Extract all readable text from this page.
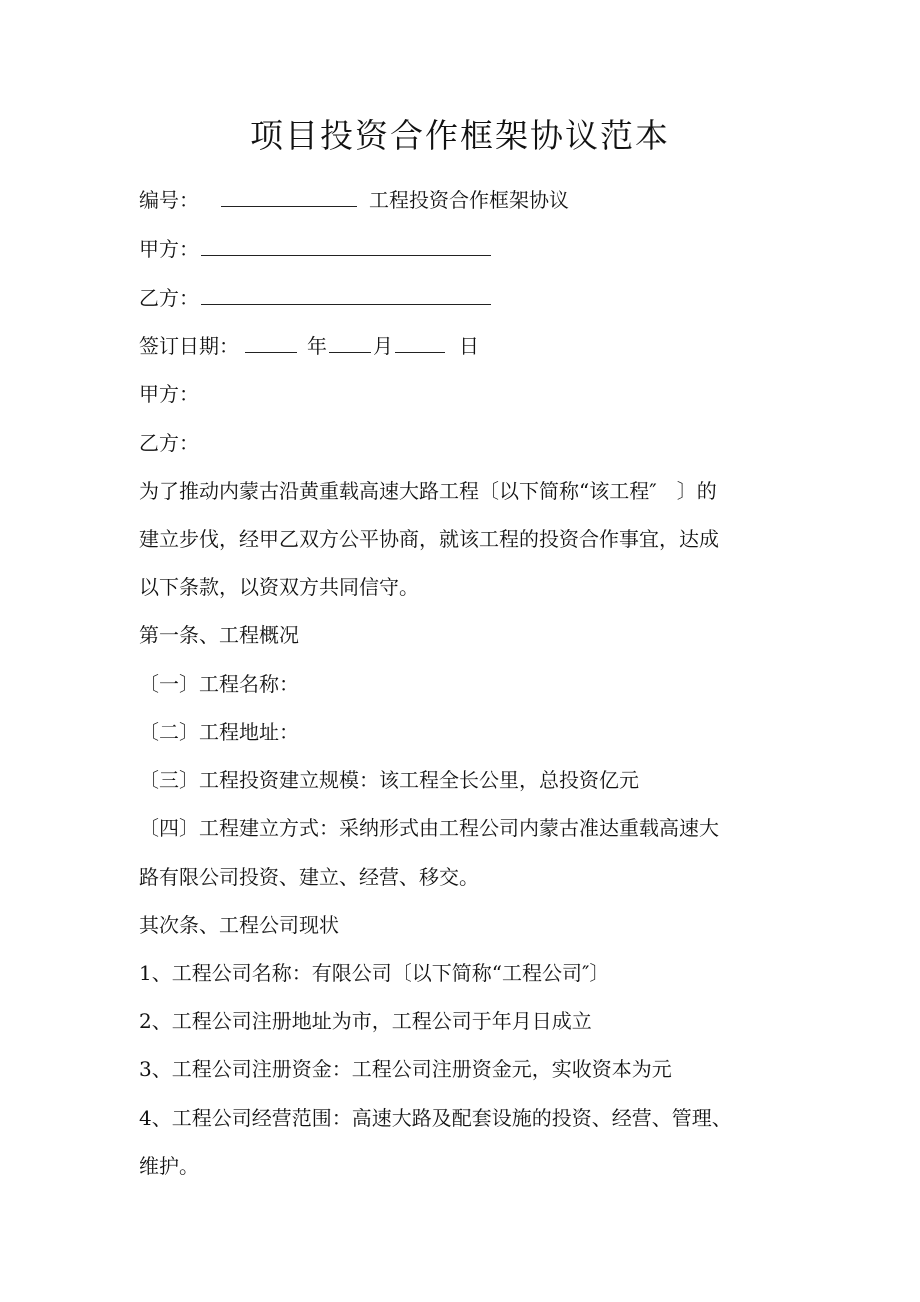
项目投资合作框架协议范本
编号：	工程投资合作框架协议
甲方：
乙方：
签订日期：	年 月	日
甲方：
乙方：
为了推动内蒙古沿黄重载高速大路工程〔以下简称“该工程″　〕的
建立步伐，经甲乙双方公平协商，就该工程的投资合作事宜，达成
以下条款，以资双方共同信守。
第一条、工程概况
〔一〕工程名称：
〔二〕工程地址：
〔三〕工程投资建立规模：该工程全长公里，总投资亿元
〔四〕工程建立方式：采纳形式由工程公司内蒙古准达重载高速大
路有限公司投资、建立、经营、移交。
其次条、工程公司现状
1、工程公司名称：有限公司〔以下简称“工程公司″〕
2、工程公司注册地址为市，工程公司于年月日成立
3、工程公司注册资金：工程公司注册资金元，实收资本为元
4、工程公司经营范围：高速大路及配套设施的投资、经营、管理、
维护。
